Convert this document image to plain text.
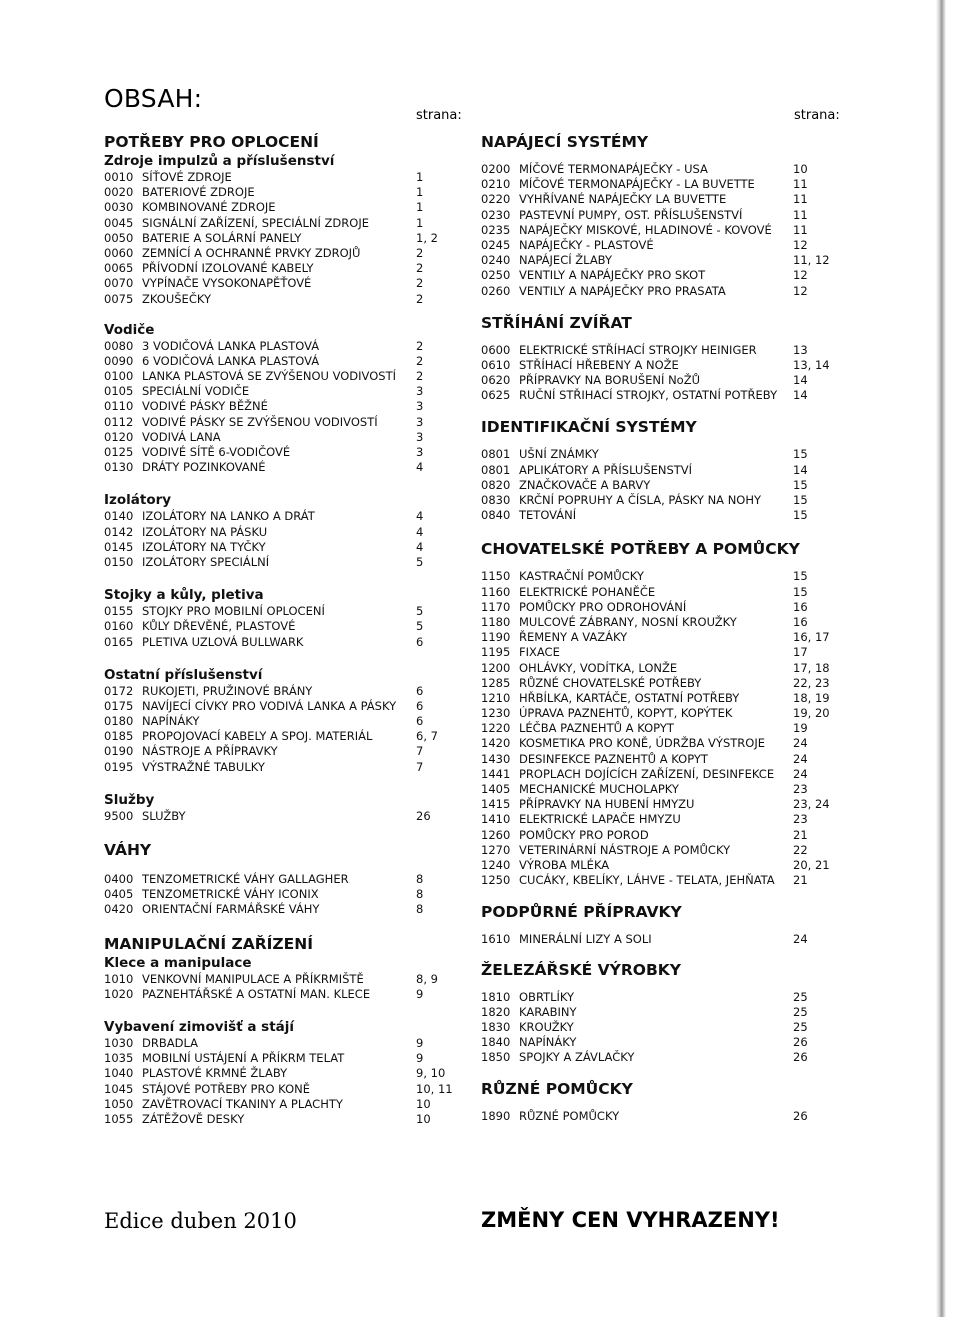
OBSAH:
strana:	strana:
POTŘEBY PRO OPLOCENÍ
Zdroje impulzů a příslušenství
0010 SÍŤOVÉ ZDROJE	1
0020 BATERIOVÉ ZDROJE	1
0030 KOMBINOVANÉ ZDROJE	1
0045 SIGNÁLNÍ ZAŘÍZENÍ, SPECIÁLNÍ ZDROJE	1
0050 BATERIE A SOLÁRNÍ PANELY	1, 2
0060 ZEMNÍCÍ A OCHRANNÉ PRVKY ZDROJŮ	2
0065 PŘÍVODNÍ IZOLOVANÉ KABELY	2
0070 VYPÍNAČE VYSOKONAPĚŤOVÉ	2
0075 ZKOUŠEČKY	2
Vodiče
0080 3 VODIČOVÁ LANKA PLASTOVÁ	2
0090 6 VODIČOVÁ LANKA PLASTOVÁ	2
0100 LANKA PLASTOVÁ SE ZVÝŠENOU VODIVOSTÍ 2
0105 SPECIÁLNÍ VODIČE	3
0110 VODIVÉ PÁSKY BĚŽNÉ	3
0112 VODIVÉ PÁSKY SE ZVÝŠENOU VODIVOSTÍ	3
0120 VODIVÁ LANA	3
0125 VODIVÉ SÍTĚ 6-VODIČOVÉ	3
0130 DRÁTY POZINKOVANÉ	4
Izolátory
0140 IZOLÁTORY NA LANKO A DRÁT	4
0142 IZOLÁTORY NA PÁSKU	4
0145 IZOLÁTORY NA TYČKY	4
0150 IZOLÁTORY SPECIÁLNÍ	5
Stojky a kůly, pletiva
0155 STOJKY PRO MOBILNÍ OPLOCENÍ	5
0160 KŮLY DŘEVĚNÉ, PLASTOVÉ	5
0165 PLETIVA UZLOVÁ BULLWARK	6
Ostatní příslušenství
0172 RUKOJETI, PRUŽINOVÉ BRÁNY	6
0175 NAVÍJECÍ CÍVKY PRO VODIVÁ LANKA A PÁSKY 6
0180 NAPÍNÁKY	6
0185 PROPOJOVACÍ KABELY A SPOJ. MATERIÁL	6, 7
0190 NÁSTROJE A PŘÍPRAVKY	7
0195 VÝSTRAŽNÉ TABULKY	7
Služby
9500 SLUŽBY	26
VÁHY
0400 TENZOMETRICKÉ VÁHY GALLAGHER	8
0405 TENZOMETRICKÉ VÁHY ICONIX	8
0420 ORIENTAČNÍ FARMÁŘSKÉ VÁHY	8
MANIPULAČNÍ ZAŘÍZENÍ
Klece a manipulace
1010 VENKOVNÍ MANIPULACE A PŘÍKRMIŠTĚ	8, 9
1020 PAZNEHTÁŘSKÉ A OSTATNÍ MAN. KLECE	9
Vybavení zimovišť a stájí
1030 DRBADLA	9
1035 MOBILNÍ USTÁJENÍ A PŘÍKRM TELAT	9
1040 PLASTOVÉ KRMNÉ ŽLABY	9, 10
1045 STÁJOVÉ POTŘEBY PRO KONĚ	10, 11
1050 ZAVĚTROVACÍ TKANINY A PLACHTY	10
1055 ZÁTĚŽOVĚ DESKY	10
NAPÁJECÍ SYSTÉMY
0200 MÍČOVÉ TERMONAPÁJEČKY - USA	10
0210 MÍČOVÉ TERMONAPÁJEČKY - LA BUVETTE	11
0220 VYHŘÍVANÉ NAPÁJEČKY LA BUVETTE	11
0230 PASTEVNÍ PUMPY, OST. PŘÍSLUŠENSTVÍ	11
0235 NAPÁJEČKY MISKOVÉ, HLADINOVÉ - KOVOVÉ 11
0245 NAPÁJEČKY - PLASTOVÉ	12
0240 NAPÁJECÍ ŽLABY	11, 12
0250 VENTILY A NAPÁJEČKY PRO SKOT	12
0260 VENTILY A NAPÁJEČKY PRO PRASATA	12
STŘÍHÁNÍ ZVÍŘAT
0600 ELEKTRICKÉ STŘÍHACÍ STROJKY HEINIGER	13
0610 STŘÍHACÍ HŘEBENY A NOŽE	13, 14
0620 PŘÍPRAVKY NA BORUŠENÍ NoŽŮ	14
0625 RUČNÍ STŘIHACÍ STROJKY, OSTATNÍ POTŘEBY 14
IDENTIFIKAČNÍ SYSTÉMY
0801 UŠNÍ ZNÁMKY	15
0801 APLIKÁTORY A PŘÍSLUŠENSTVÍ	14
0820 ZNAČKOVAČE A BARVY	15
0830 KRČNÍ POPRUHY A ČÍSLA, PÁSKY NA NOHY	15
0840 TETOVÁNÍ	15
CHOVATELSKÉ POTŘEBY A POMŮCKY
1150 KASTRAČNÍ POMŮCKY	15
1160 ELEKTRICKÉ POHANĚČE	15
1170 POMŮCKY PRO ODROHOVÁNÍ	16
1180 MULCOVÉ ZÁBRANY, NOSNÍ KROUŽKY	16
1190 ŘEMENY A VAZÁKY	16, 17
1195 FIXACE	17
1200 OHLÁVKY, VODÍTKA, LONŽE	17, 18
1285 RŮZNÉ CHOVATELSKÉ POTŘEBY	22, 23
1210 HŘBÍLKA, KARTÁČE, OSTATNÍ POTŘEBY	18, 19
1230 ÚPRAVA PAZNEHTŮ, KOPYT, KOPÝTEK	19, 20
1220 LÉČBA PAZNEHTŮ A KOPYT	19
1420 KOSMETIKA PRO KONĚ, ÚDRŽBA VÝSTROJE 24
1430 DESINFEKCE PAZNEHTŮ A KOPYT	24
1441 PROPLACH DOJÍCÍCH ZAŘÍZENÍ, DESINFEKCE 24
1405 MECHANICKÉ MUCHOLAPKY	23
1415 PŘÍPRAVKY NA HUBENÍ HMYZU	23, 24
1410 ELEKTRICKÉ LAPAČE HMYZU	23
1260 POMŮCKY PRO POROD	21
1270 VETERINÁRNÍ NÁSTROJE A POMŮCKY	22
1240 VÝROBA MLÉKA	20, 21
1250 CUCÁKY, KBELÍKY, LÁHVE - TELATA, JEHŇATA 21
PODPŮRNÉ PŘÍPRAVKY
1610 MINERÁLNÍ LIZY A SOLI	24
ŽELEZÁŘSKÉ VÝROBKY
1810 OBRTLÍKY	25
1820 KARABINY	25
1830 KROUŽKY	25
1840 NAPÍNÁKY	26
1850 SPOJKY A ZÁVLAČKY	26
RŮZNÉ POMŮCKY
1890 RŮZNÉ POMŮCKY	26
Edice duben 2010	ZMĚNY CEN VYHRAZENY!
